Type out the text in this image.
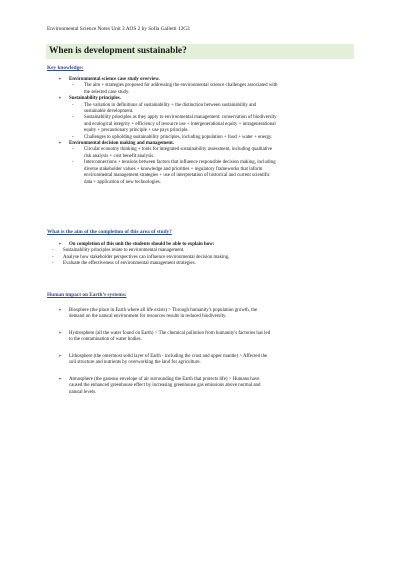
Environmental Science Notes Unit 3 AOS 2 by Sofia Galletti 12G3
When is development sustainable?
Key knowledge:
➢	Environmental science case study overview.
-	The aim + strategies proposed for addressing the environmental science challenges associated with
the selected case study.
➢	Sustainability principles.
-	The variation in definitions of sustainability + the distinction between sustainability and
sustainable development.
-	Sustainability principles as they apply to environmental management: conservation of biodiversity
and ecological integrity + efficiency of resource use + intergenerational equity + intragenerational
equity + precautionary principle + use pays principle.
-	Challenges to upholding sustainability principles, including population + food + water + energy.
➢	Environmental decision making and management.
-	Circular economy thinking + tools for integrated sustainability assessment, including qualitative
risk analysis + cost benefit analysis.
-	Interconnections + tensions between factors that influence responsible decision making, including
diverse stakeholder values + knowledge and priorities + regulatory frameworks that inform
environmental management strategies + use of interpretation of historical and current scientific
data + application of new technologies.
What is the aim of the completion of this area of study?
➢	On completion of this unit the students should be able to explain how:
-	Sustainability principles relate to environmental management.
-	Analyse how stakeholder perspectives can influence environmental decision making.
-	Evaluate the effectiveness of environmental management strategies.
Human impact on Earth’s systems:
➢	Biosphere (the place in Earth where all life exists) > Through humanity's population growth, the
demand on the natural environment for resources results in reduced biodiversity.
➢	Hydrosphere (all the water found on Earth) > The chemical pollution from humanity's factories has led
to the contamination of water bodies.
➢	Lithosphere (the outermost solid layer of Earth - including the crust and upper mantle) > Affected the
soil structure and nutrients by overworking the land for agriculture.
➢	Atmosphere (the gaseous envelope of air surrounding the Earth that protects life) > Humans have
caused the enhanced greenhouse effect by increasing greenhouse gas emissions above normal and
natural levels.
